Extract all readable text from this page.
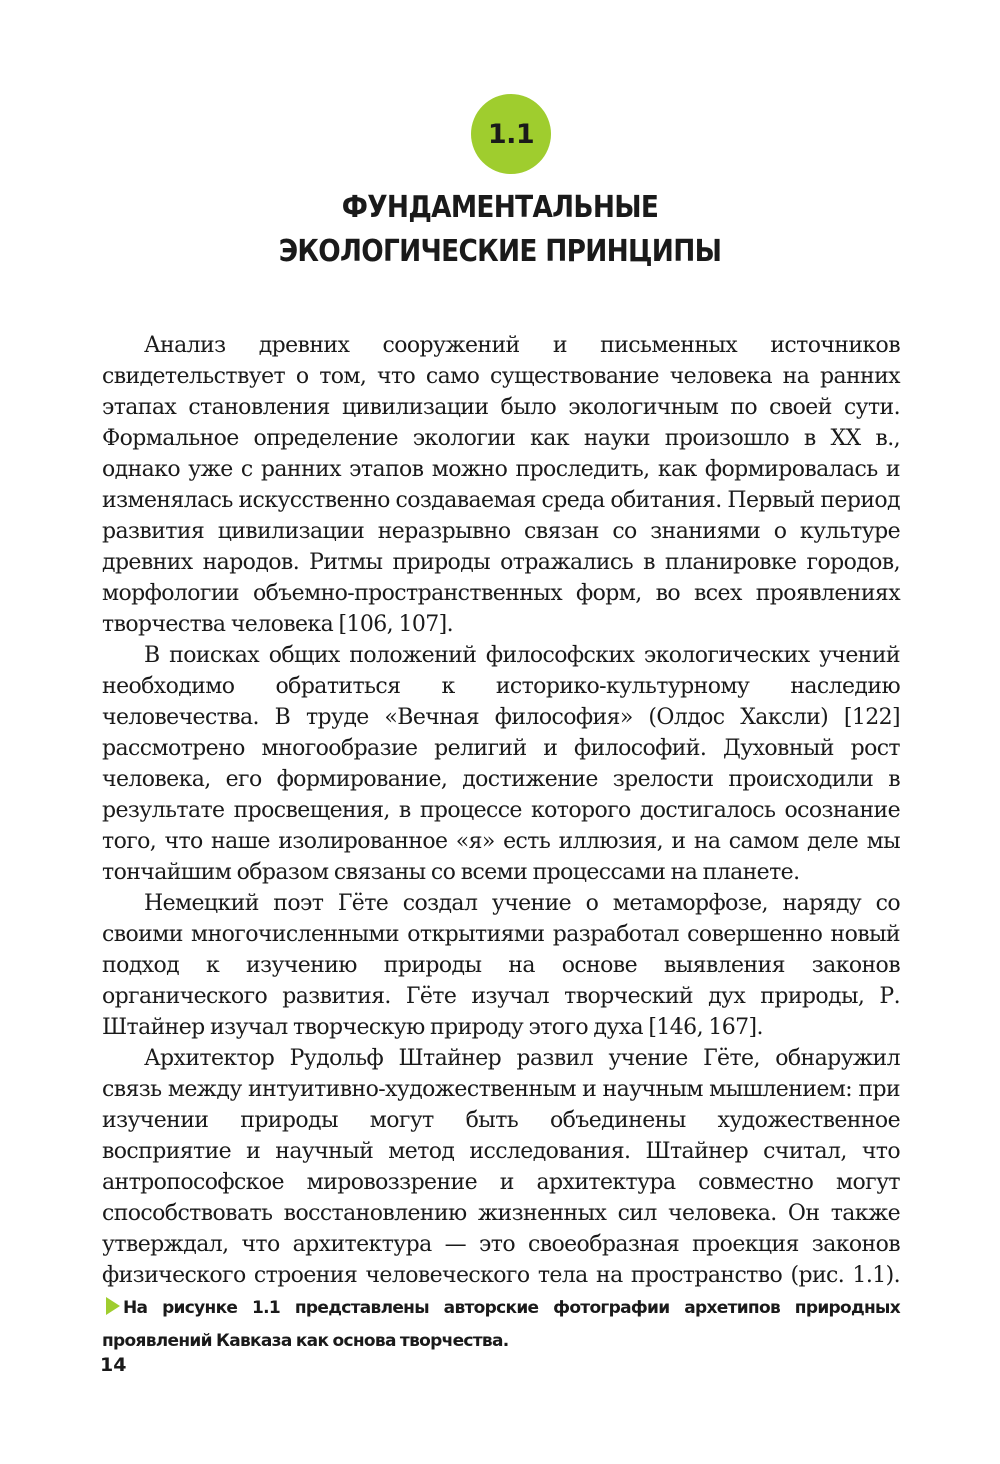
1.1
ФУНДАМЕНТАЛЬНЫЕ
ЭКОЛОГИЧЕСКИЕ ПРИНЦИПЫ

Анализ древних сооружений и письменных источников свидетельствует о том, что само существование человека на ранних этапах становления цивилизации было экологичным по своей сути. Формальное определение экологии как науки произошло в XX в., однако уже с ранних этапов можно проследить, как формировалась и изменялась искусственно создаваемая среда обитания. Первый период развития цивилизации неразрывно связан со знаниями о культуре древних народов. Ритмы природы отражались в планировке городов, морфологии объемно-пространственных форм, во всех проявлениях творчества человека [106, 107].

В поисках общих положений философских экологических учений необходимо обратиться к историко-культурному наследию человечества. В труде «Вечная философия» (Олдос Хаксли) [122] рассмотрено многообразие религий и философий. Духовный рост человека, его формирование, достижение зрелости происходили в результате просвещения, в процессе которого достигалось осознание того, что наше изолированное «я» есть иллюзия, и на самом деле мы тончайшим образом связаны со всеми процессами на планете.

Немецкий поэт Гёте создал учение о метаморфозе, наряду со своими многочисленными открытиями разработал совершенно новый подход к изучению природы на основе выявления законов органического развития. Гёте изучал творческий дух природы, Р. Штайнер изучал творческую природу этого духа [146, 167].

Архитектор Рудольф Штайнер развил учение Гёте, обнаружил связь между интуитивно-художественным и научным мышлением: при изучении природы могут быть объединены художественное восприятие и научный метод исследования. Штайнер считал, что антропософское мировоззрение и архитектура совместно могут способствовать восстановлению жизненных сил человека. Он также утверждал, что архитектура — это своеобразная проекция законов физического строения человеческого тела на пространство (рис. 1.1).На рисунке 1.1 представлены авторские фотографии архетипов природных проявлений Кавказа как основа творчества.

14
